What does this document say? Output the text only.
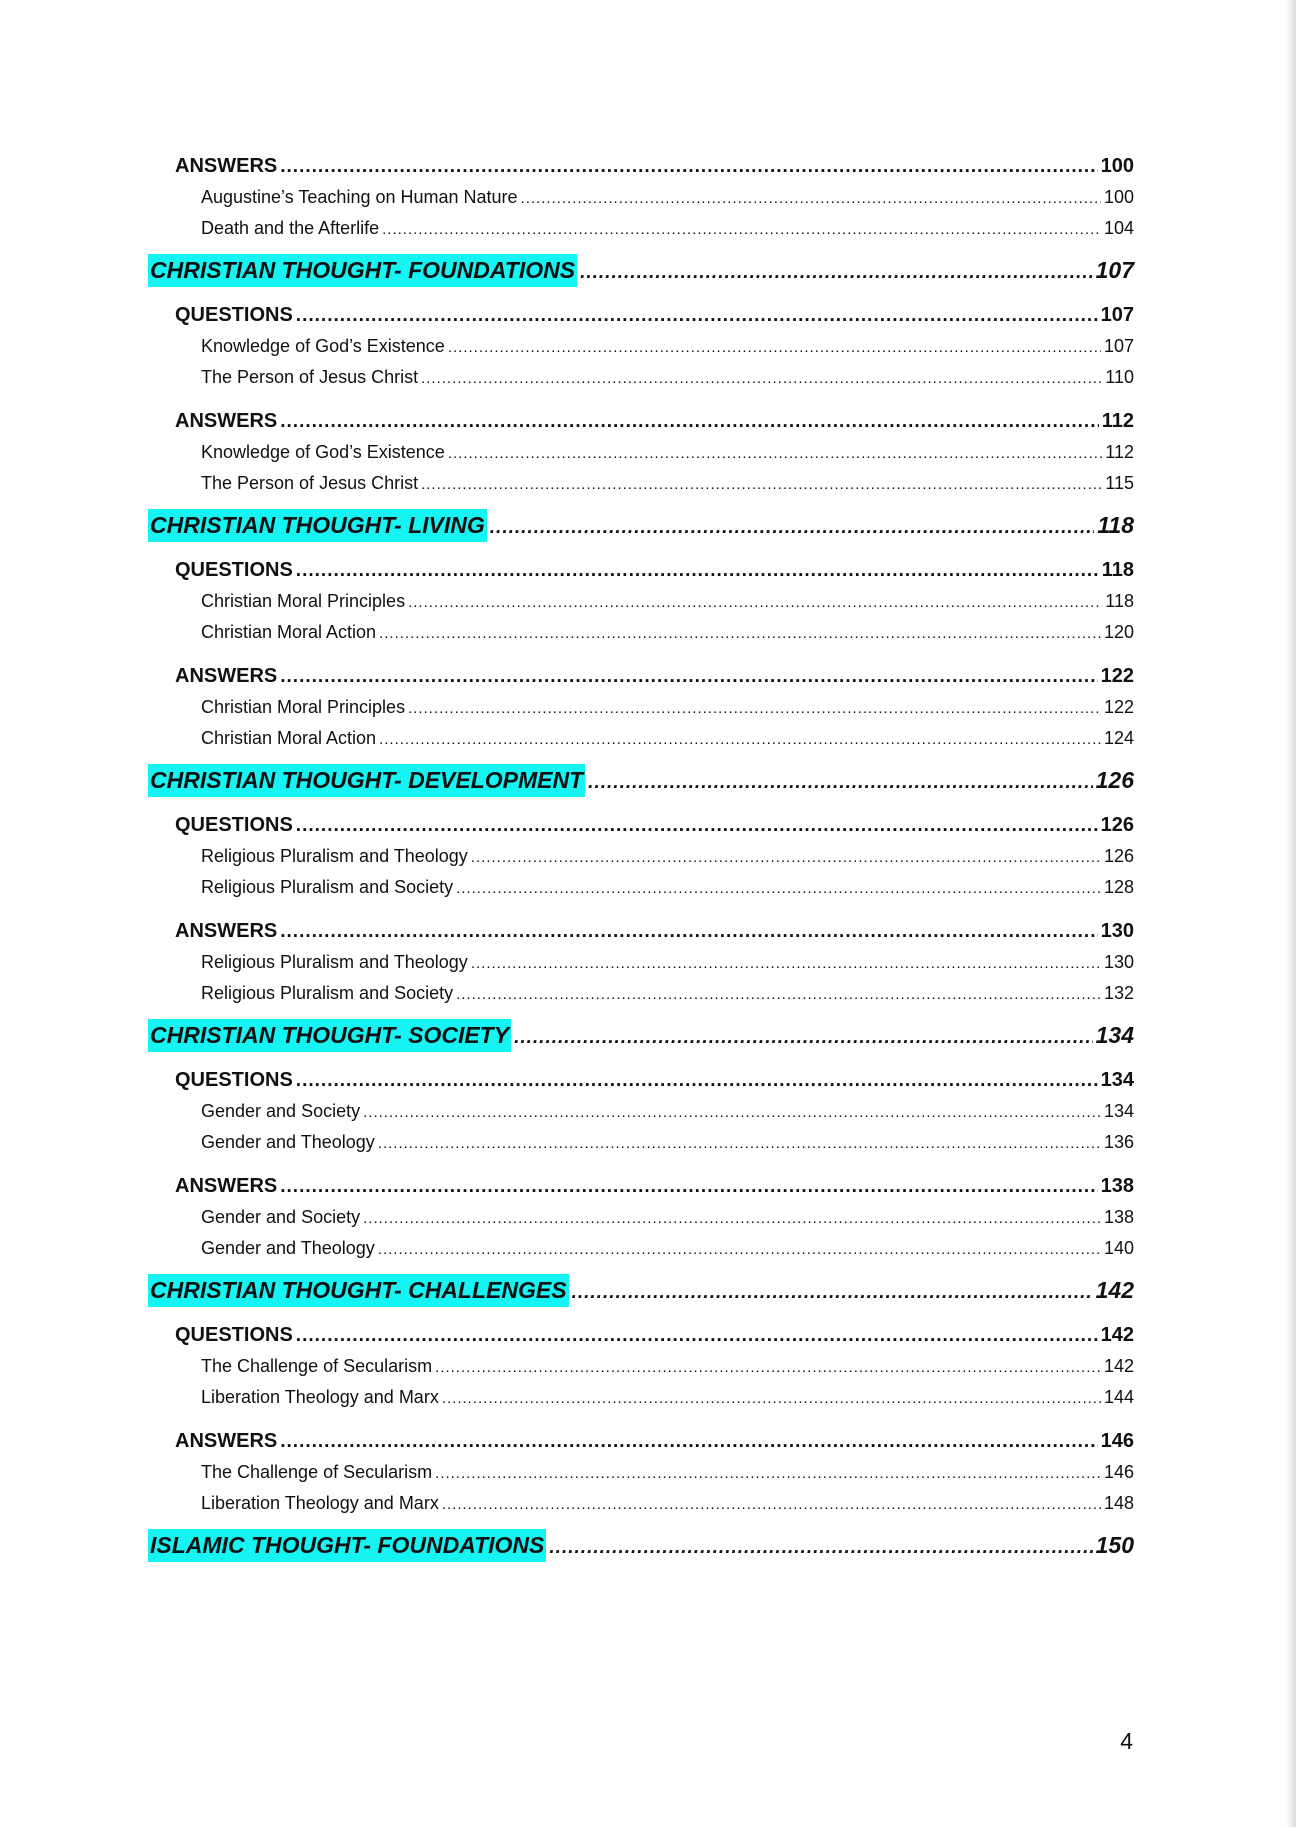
ANSWERS .....	100
Augustine’s Teaching on Human Nature .....	100
Death and the Afterlife .....	104
CHRISTIAN THOUGHT- FOUNDATIONS .....	107
QUESTIONS .....	107
Knowledge of God’s Existence .....	107
The Person of Jesus Christ .....	110
ANSWERS .....	112
Knowledge of God’s Existence .....	112
The Person of Jesus Christ .....	115
CHRISTIAN THOUGHT- LIVING .....	118
QUESTIONS .....	118
Christian Moral Principles .....	118
Christian Moral Action .....	120
ANSWERS .....	122
Christian Moral Principles .....	122
Christian Moral Action .....	124
CHRISTIAN THOUGHT- DEVELOPMENT .....	126
QUESTIONS .....	126
Religious Pluralism and Theology .....	126
Religious Pluralism and Society .....	128
ANSWERS .....	130
Religious Pluralism and Theology .....	130
Religious Pluralism and Society .....	132
CHRISTIAN THOUGHT- SOCIETY .....	134
QUESTIONS .....	134
Gender and Society .....	134
Gender and Theology .....	136
ANSWERS .....	138
Gender and Society .....	138
Gender and Theology .....	140
CHRISTIAN THOUGHT- CHALLENGES .....	142
QUESTIONS .....	142
The Challenge of Secularism .....	142
Liberation Theology and Marx .....	144
ANSWERS .....	146
The Challenge of Secularism .....	146
Liberation Theology and Marx .....	148
ISLAMIC THOUGHT- FOUNDATIONS .....	150
4
